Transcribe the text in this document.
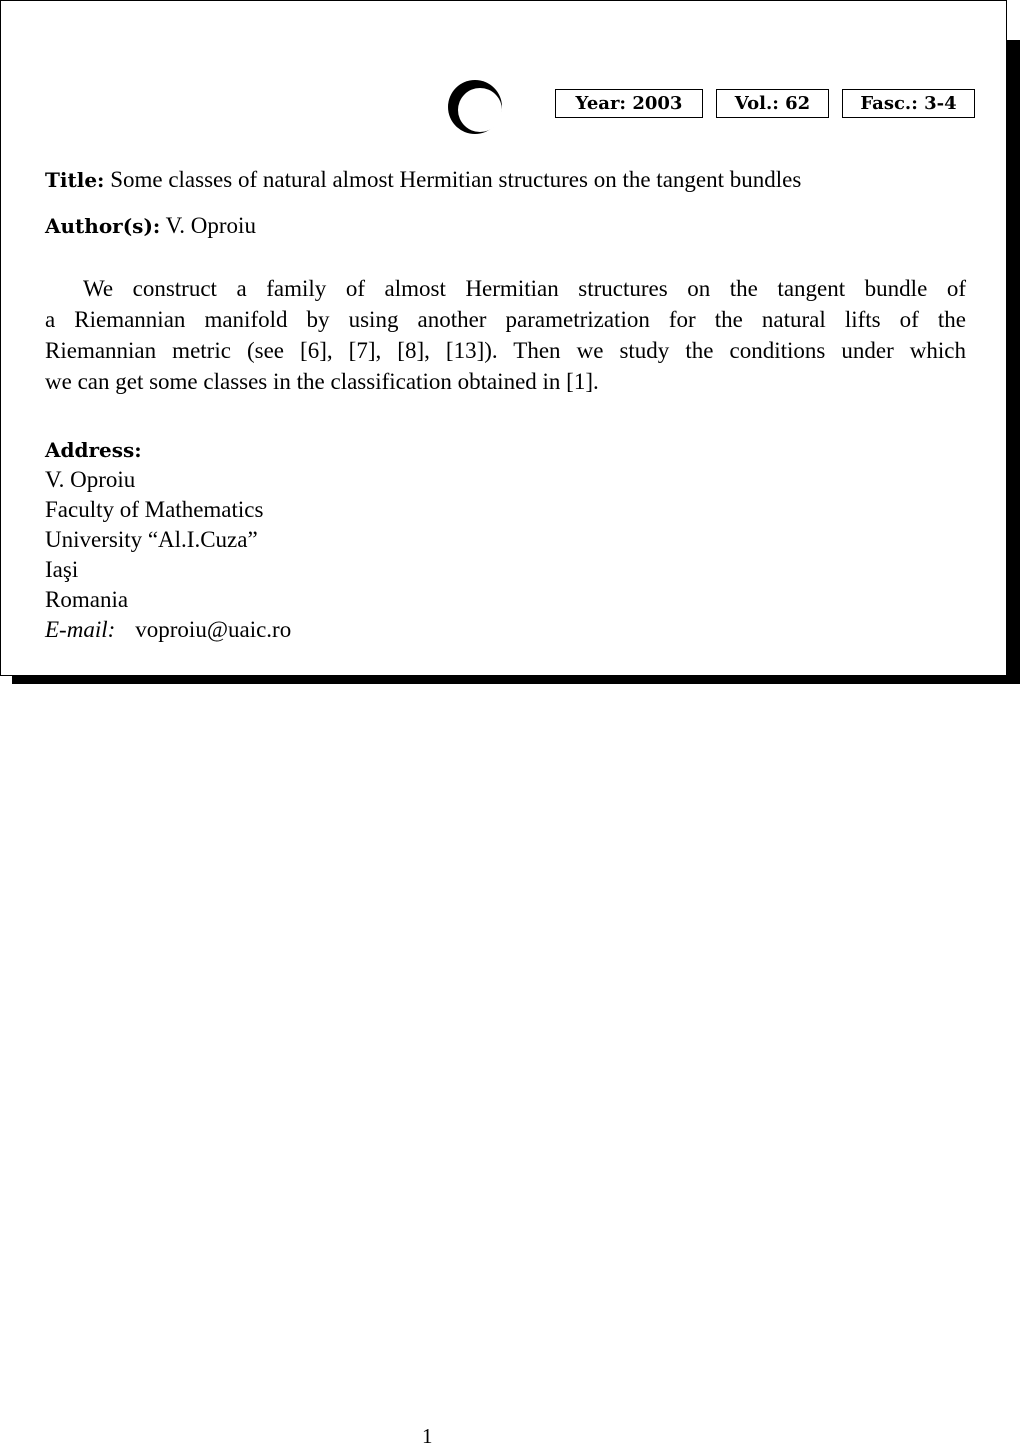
Year: 2003	Vol.: 62	Fasc.: 3-4
Title: Some classes of natural almost Hermitian structures on the tangent bundles
Author(s): V. Oproiu
We construct a family of almost Hermitian structures on the tangent bundle of
a Riemannian manifold by using another parametrization for the natural lifts of the
Riemannian metric (see [6], [7], [8], [13]). Then we study the conditions under which
we can get some classes in the classification obtained in [1].
Address:
V. Oproiu
Faculty of Mathematics
University “Al.I.Cuza”
Iaşi
Romania
E-mail: voproiu@uaic.ro
1
